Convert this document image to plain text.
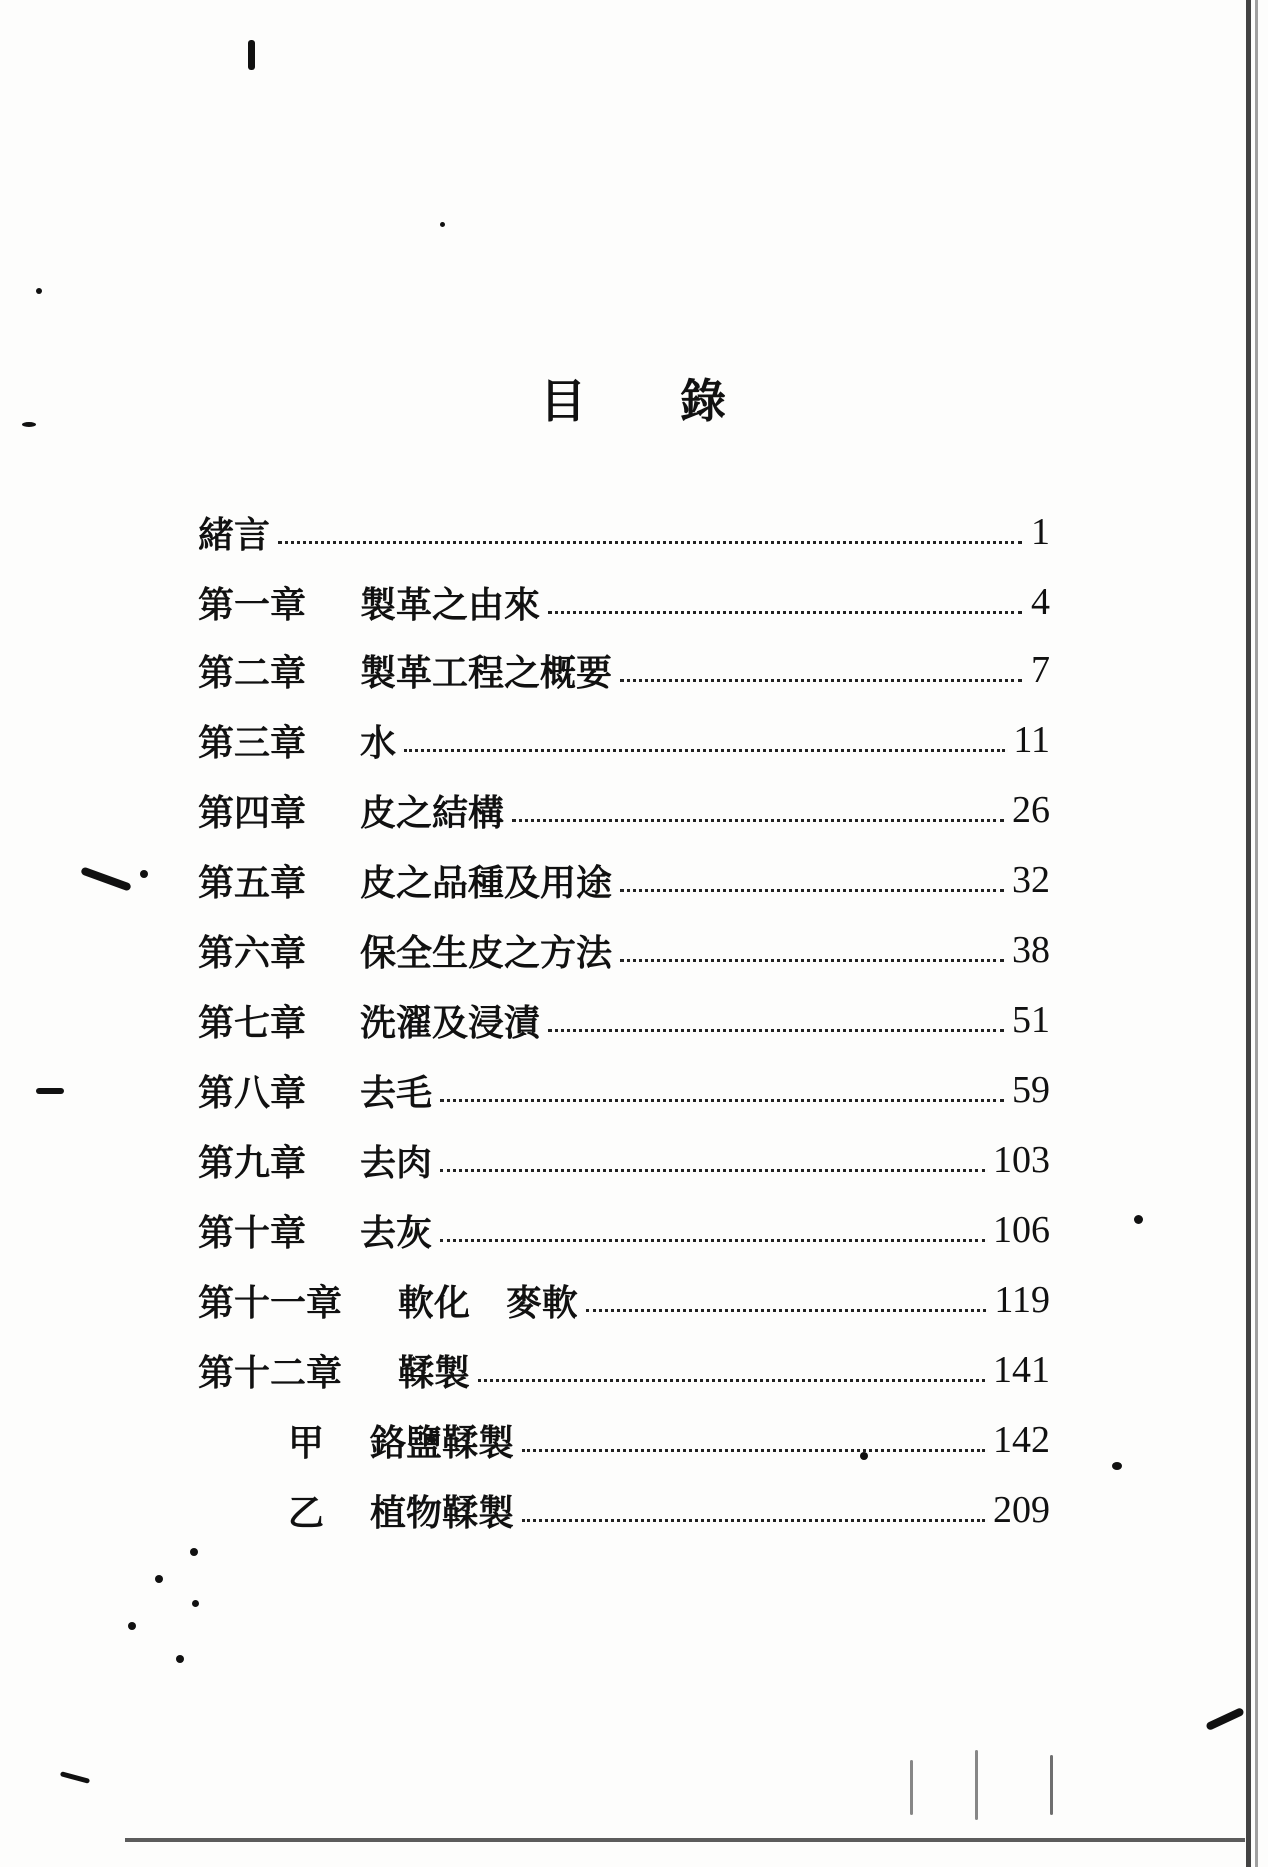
目 錄
緒言	1
第一章	製革之由來	4
第二章	製革工程之概要	7
第三章	水	11
第四章	皮之結構	26
第五章	皮之品種及用途	32
第六章	保全生皮之方法	38
第七章	洗濯及浸漬	51
第八章	去毛	59
第九章	去肉	103
第十章	去灰	106
第十一章	軟化　麥軟	119
第十二章	鞣製	141
甲	鉻鹽鞣製	142
乙	植物鞣製	209
